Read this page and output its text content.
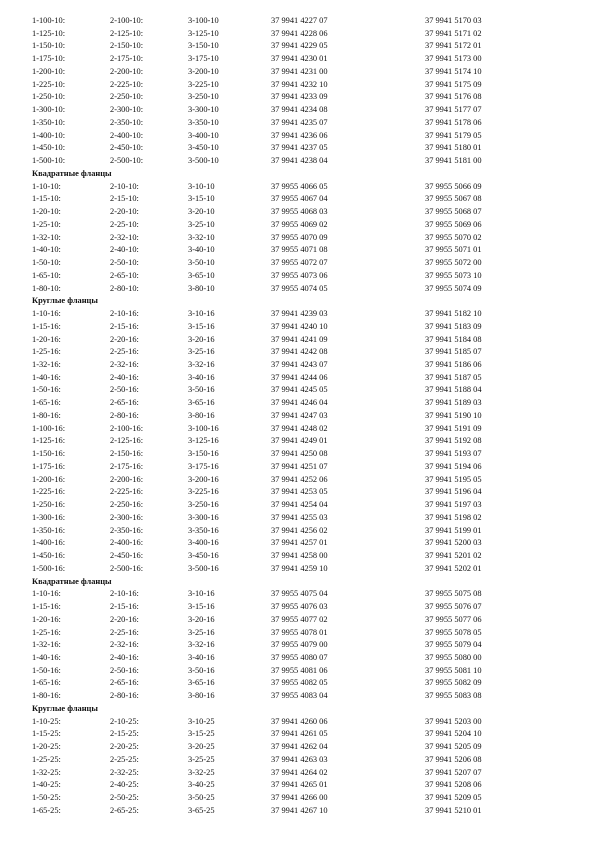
1-100-10:	2-100-10:	3-100-10	37 9941 4227 07	37 9941 5170 03
1-125-10:	2-125-10:	3-125-10	37 9941 4228 06	37 9941 5171 02
1-150-10:	2-150-10:	3-150-10	37 9941 4229 05	37 9941 5172 01
1-175-10:	2-175-10:	3-175-10	37 9941 4230 01	37 9941 5173 00
1-200-10:	2-200-10:	3-200-10	37 9941 4231 00	37 9941 5174 10
1-225-10:	2-225-10:	3-225-10	37 9941 4232 10	37 9941 5175 09
1-250-10:	2-250-10:	3-250-10	37 9941 4233 09	37 9941 5176 08
1-300-10:	2-300-10:	3-300-10	37 9941 4234 08	37 9941 5177 07
1-350-10:	2-350-10:	3-350-10	37 9941 4235 07	37 9941 5178 06
1-400-10:	2-400-10:	3-400-10	37 9941 4236 06	37 9941 5179 05
1-450-10:	2-450-10:	3-450-10	37 9941 4237 05	37 9941 5180 01
1-500-10:	2-500-10:	3-500-10	37 9941 4238 04	37 9941 5181 00
Квадратные фланцы
1-10-10:	2-10-10:	3-10-10	37 9955 4066 05	37 9955 5066 09
1-15-10:	2-15-10:	3-15-10	37 9955 4067 04	37 9955 5067 08
1-20-10:	2-20-10:	3-20-10	37 9955 4068 03	37 9955 5068 07
1-25-10:	2-25-10:	3-25-10	37 9955 4069 02	37 9955 5069 06
1-32-10:	2-32-10:	3-32-10	37 9955 4070 09	37 9955 5070 02
1-40-10:	2-40-10:	3-40-10	37 9955 4071 08	37 9955 5071 01
1-50-10:	2-50-10:	3-50-10	37 9955 4072 07	37 9955 5072 00
1-65-10:	2-65-10:	3-65-10	37 9955 4073 06	37 9955 5073 10
1-80-10:	2-80-10:	3-80-10	37 9955 4074 05	37 9955 5074 09
Круглые фланцы
1-10-16:	2-10-16:	3-10-16	37 9941 4239 03	37 9941 5182 10
1-15-16:	2-15-16:	3-15-16	37 9941 4240 10	37 9941 5183 09
1-20-16:	2-20-16:	3-20-16	37 9941 4241 09	37 9941 5184 08
1-25-16:	2-25-16:	3-25-16	37 9941 4242 08	37 9941 5185 07
1-32-16:	2-32-16:	3-32-16	37 9941 4243 07	37 9941 5186 06
1-40-16:	2-40-16:	3-40-16	37 9941 4244 06	37 9941 5187 05
1-50-16:	2-50-16:	3-50-16	37 9941 4245 05	37 9941 5188 04
1-65-16:	2-65-16:	3-65-16	37 9941 4246 04	37 9941 5189 03
1-80-16:	2-80-16:	3-80-16	37 9941 4247 03	37 9941 5190 10
1-100-16:	2-100-16:	3-100-16	37 9941 4248 02	37 9941 5191 09
1-125-16:	2-125-16:	3-125-16	37 9941 4249 01	37 9941 5192 08
1-150-16:	2-150-16:	3-150-16	37 9941 4250 08	37 9941 5193 07
1-175-16:	2-175-16:	3-175-16	37 9941 4251 07	37 9941 5194 06
1-200-16:	2-200-16:	3-200-16	37 9941 4252 06	37 9941 5195 05
1-225-16:	2-225-16:	3-225-16	37 9941 4253 05	37 9941 5196 04
1-250-16:	2-250-16:	3-250-16	37 9941 4254 04	37 9941 5197 03
1-300-16:	2-300-16:	3-300-16	37 9941 4255 03	37 9941 5198 02
1-350-16:	2-350-16:	3-350-16	37 9941 4256 02	37 9941 5199 01
1-400-16:	2-400-16:	3-400-16	37 9941 4257 01	37 9941 5200 03
1-450-16:	2-450-16:	3-450-16	37 9941 4258 00	37 9941 5201 02
1-500-16:	2-500-16:	3-500-16	37 9941 4259 10	37 9941 5202 01
Квадратные фланцы
1-10-16:	2-10-16:	3-10-16	37 9955 4075 04	37 9955 5075 08
1-15-16:	2-15-16:	3-15-16	37 9955 4076 03	37 9955 5076 07
1-20-16:	2-20-16:	3-20-16	37 9955 4077 02	37 9955 5077 06
1-25-16:	2-25-16:	3-25-16	37 9955 4078 01	37 9955 5078 05
1-32-16:	2-32-16:	3-32-16	37 9955 4079 00	37 9955 5079 04
1-40-16:	2-40-16:	3-40-16	37 9955 4080 07	37 9955 5080 00
1-50-16:	2-50-16:	3-50-16	37 9955 4081 06	37 9955 5081 10
1-65-16:	2-65-16:	3-65-16	37 9955 4082 05	37 9955 5082 09
1-80-16:	2-80-16:	3-80-16	37 9955 4083 04	37 9955 5083 08
Круглые фланцы
1-10-25:	2-10-25:	3-10-25	37 9941 4260 06	37 9941 5203 00
1-15-25:	2-15-25:	3-15-25	37 9941 4261 05	37 9941 5204 10
1-20-25:	2-20-25:	3-20-25	37 9941 4262 04	37 9941 5205 09
1-25-25:	2-25-25:	3-25-25	37 9941 4263 03	37 9941 5206 08
1-32-25:	2-32-25:	3-32-25	37 9941 4264 02	37 9941 5207 07
1-40-25:	2-40-25:	3-40-25	37 9941 4265 01	37 9941 5208 06
1-50-25:	2-50-25:	3-50-25	37 9941 4266 00	37 9941 5209 05
1-65-25:	2-65-25:	3-65-25	37 9941 4267 10	37 9941 5210 01
